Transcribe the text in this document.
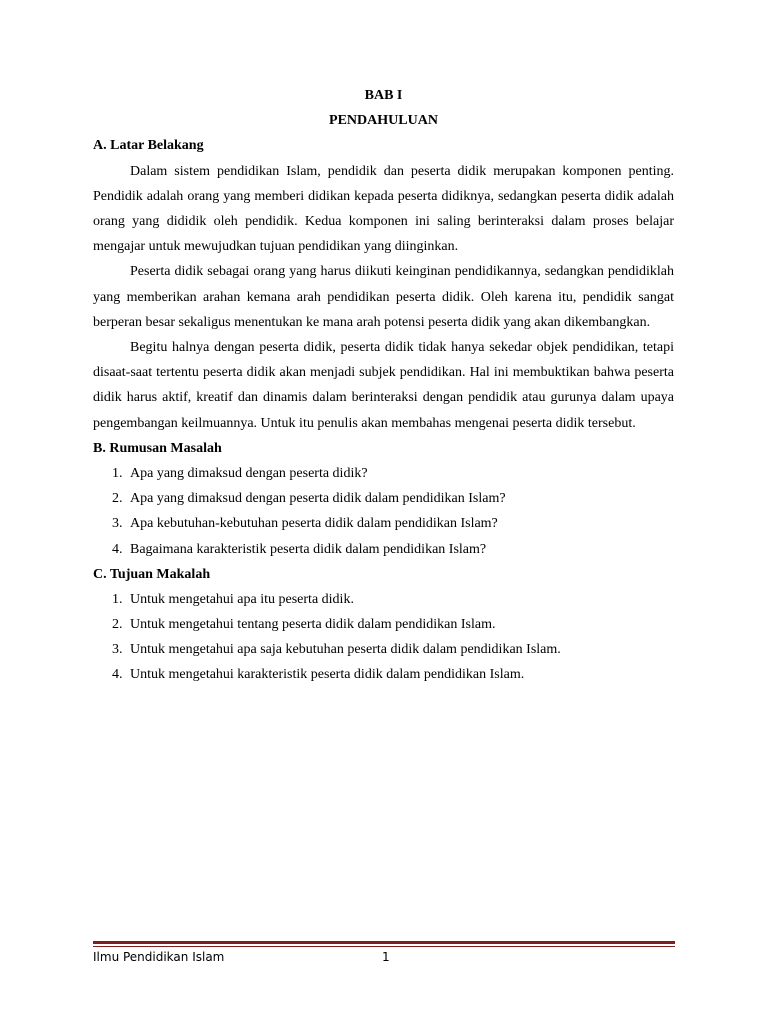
BAB I

PENDAHULUAN

A. Latar Belakang

Dalam sistem pendidikan Islam, pendidik dan peserta didik merupakan komponen penting. Pendidik adalah orang yang memberi didikan kepada peserta didiknya, sedangkan peserta didik adalah orang yang dididik oleh pendidik. Kedua komponen ini saling berinteraksi dalam proses belajar mengajar untuk mewujudkan tujuan pendidikan yang diinginkan.

Peserta didik sebagai orang yang harus diikuti keinginan pendidikannya, sedangkan pendidiklah yang memberikan arahan kemana arah pendidikan peserta didik. Oleh karena itu, pendidik sangat berperan besar sekaligus menentukan ke mana arah potensi peserta didik yang akan dikembangkan.

Begitu halnya dengan peserta didik, peserta didik tidak hanya sekedar objek pendidikan, tetapi disaat-saat tertentu peserta didik akan menjadi subjek pendidikan. Hal ini membuktikan bahwa peserta didik harus aktif, kreatif dan dinamis dalam berinteraksi dengan pendidik atau gurunya dalam upaya pengembangan keilmuannya. Untuk itu penulis akan membahas mengenai peserta didik tersebut.

B. Rumusan Masalah

1. Apa yang dimaksud dengan peserta didik?
2. Apa yang dimaksud dengan peserta didik dalam pendidikan Islam?
3. Apa kebutuhan-kebutuhan peserta didik dalam pendidikan Islam?
4. Bagaimana karakteristik peserta didik dalam pendidikan Islam?

C. Tujuan Makalah

1. Untuk mengetahui apa itu peserta didik.
2. Untuk mengetahui tentang peserta didik dalam pendidikan Islam.
3. Untuk mengetahui apa saja kebutuhan peserta didik dalam pendidikan Islam.
4. Untuk mengetahui karakteristik peserta didik dalam pendidikan Islam.
Ilmu Pendidikan Islam	1
